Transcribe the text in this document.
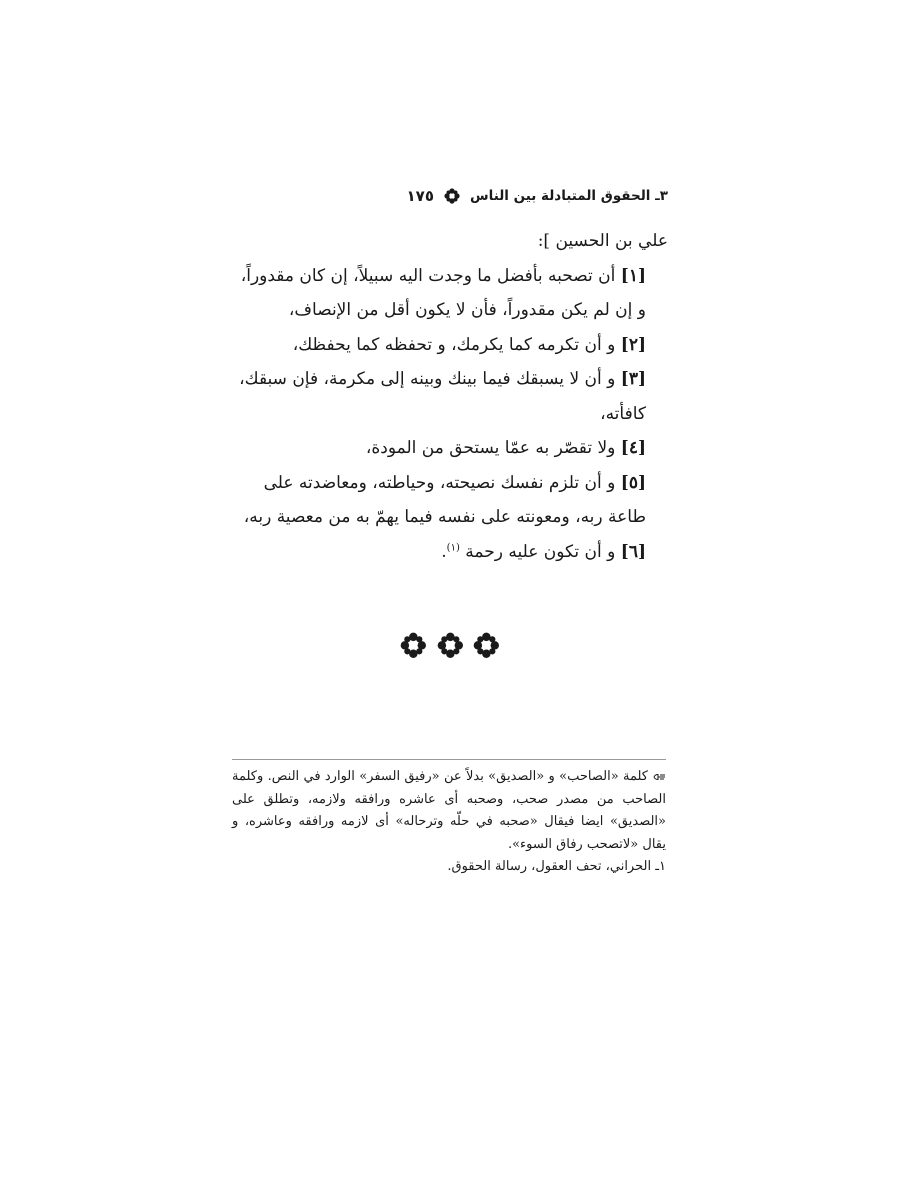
٣ـ الحقوق المتبادلة بين الناس
١٧٥

علي بن الحسين ]:

[١] أن تصحبه بأفضل ما وجدت اليه سبيلاً، إن كان مقدوراً، و إن لم يكن مقدوراً، فأن لا يكون أقل من الإنصاف،

[٢] و أن تكرمه كما يكرمك، و تحفظه كما يحفظك،

[٣] و أن لا يسبقك فيما بينك وبينه إلى مكرمة، فإن سبقك، كافأته،

[٤] ولا تقصّر به عمّا يستحق من المودة،

[٥] و أن تلزم نفسك نصيحته، وحياطته، ومعاضدته على طاعة ربه، ومعونته على نفسه فيما يهمّ به من معصية ربه،

[٦] و أن تكون عليه رحمة $^{(١)}$.

كلمة «الصاحب» و «الصديق» بدلاً عن «رفيق السفر» الوارد في النص. وكلمة الصاحب من مصدر صحب، وصحبه أى عاشره ورافقه ولازمه، وتطلق على «الصديق» ايضا فيقال «صحبه في حلّه وترحاله» أى لازمه ورافقه وعاشره، و يقال «لاتصحب رفاق السوء».

١ـ الحراني، تحف العقول، رسالة الحقوق.
